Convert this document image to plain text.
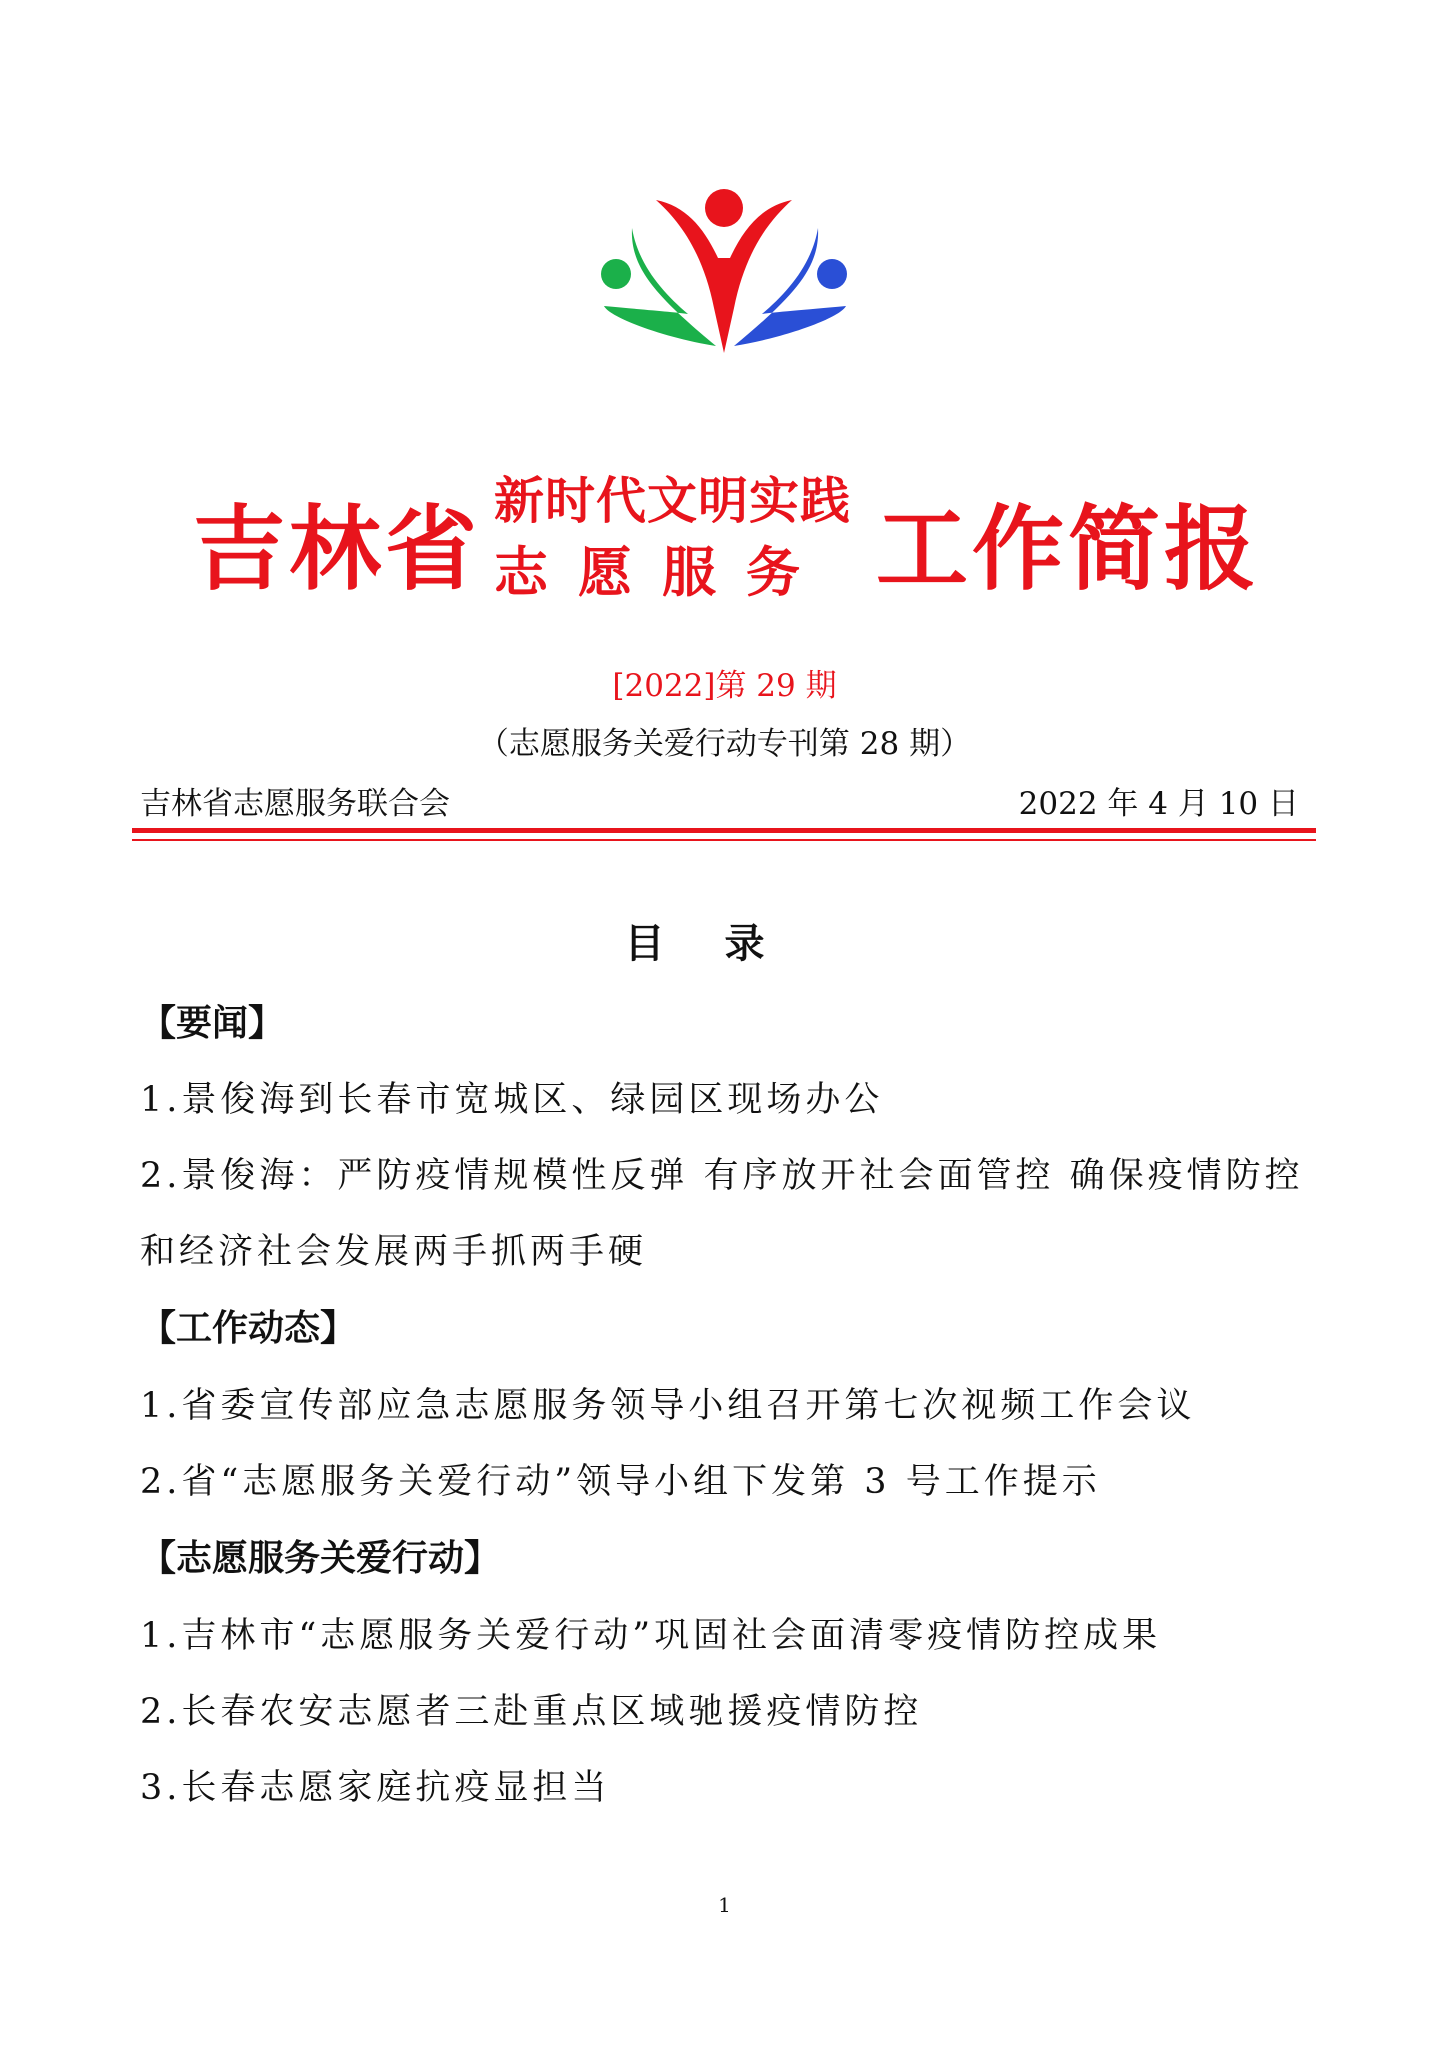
吉林省 新时代文明实践
志愿服务 工作简报
[2022]第 29 期
（志愿服务关爱行动专刊第 28 期）
吉林省志愿服务联合会	2022 年 4 月 10 日
目录
【要闻】
1.景俊海到长春市宽城区、绿园区现场办公
2.景俊海：严防疫情规模性反弹 有序放开社会面管控 确保疫情防控
和经济社会发展两手抓两手硬
【工作动态】
1.省委宣传部应急志愿服务领导小组召开第七次视频工作会议
2.省“志愿服务关爱行动”领导小组下发第 3 号工作提示
【志愿服务关爱行动】
1.吉林市“志愿服务关爱行动”巩固社会面清零疫情防控成果
2.长春农安志愿者三赴重点区域驰援疫情防控
3.长春志愿家庭抗疫显担当
1
